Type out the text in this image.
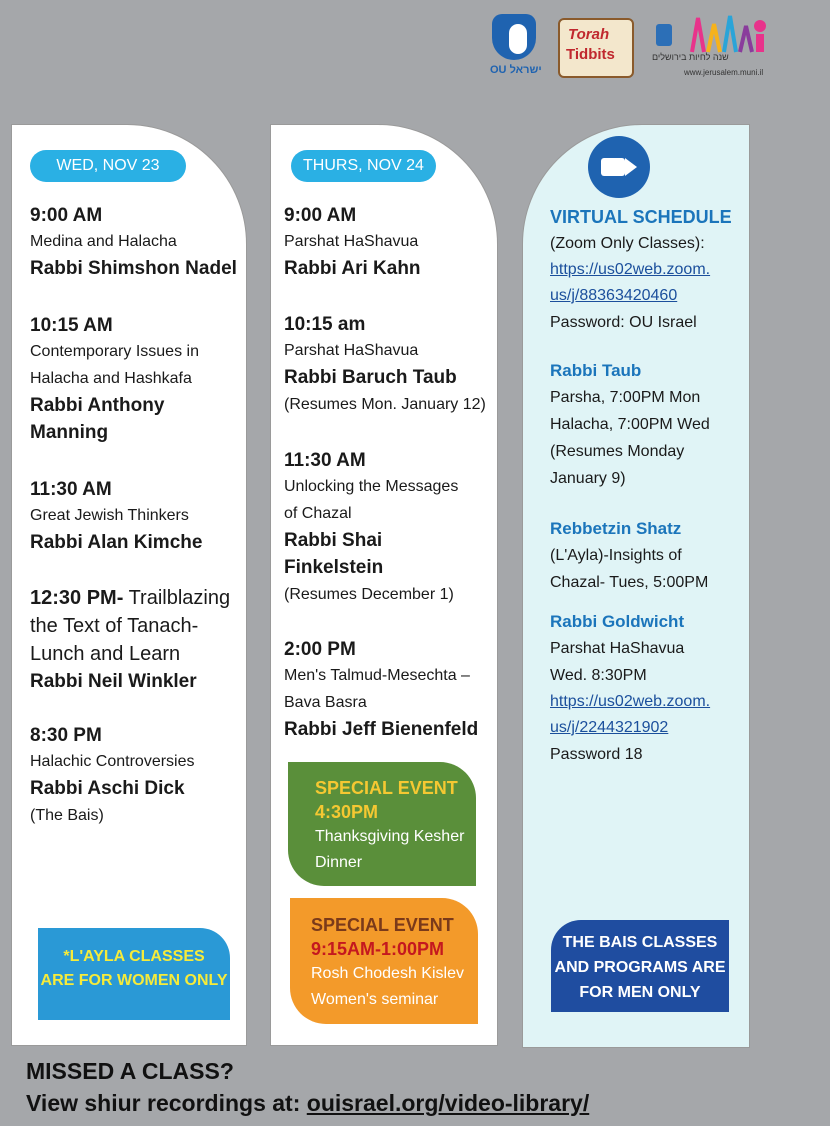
OU ישראל
Torah
Tidbits	שנה לחיות בירושלים
www.jerusalem.muni.il
WED, NOV 23

9:00 AM

Medina and Halacha

Rabbi Shimshon Nadel

10:15 AM

Contemporary Issues in

Halacha and Hashkafa

Rabbi Anthony

Manning

11:30 AM

Great Jewish Thinkers

Rabbi Alan Kimche

12:30 PM- Trailblazing

the Text of Tanach-

Lunch and Learn

Rabbi Neil Winkler

8:30 PM

Halachic Controversies

Rabbi Aschi Dick

(The Bais)

*L'AYLA CLASSES
ARE FOR WOMEN ONLY
THURS, NOV 24

9:00 AM

Parshat HaShavua

Rabbi Ari Kahn

10:15 am

Parshat HaShavua

Rabbi Baruch Taub

(Resumes Mon. January 12)

11:30 AM

Unlocking the Messages

of Chazal

Rabbi Shai

Finkelstein

(Resumes December 1)

2:00 PM

Men's Talmud-Mesechta –

Bava Basra

Rabbi Jeff Bienenfeld

SPECIAL EVENT

4:30PM

Thanksgiving Kesher

Dinner

SPECIAL EVENT

9:15AM-1:00PM

Rosh Chodesh Kislev

Women's seminar

VIRTUAL SCHEDULE

(Zoom Only Classes):

https://us02web.zoom.

us/j/88363420460

Password: OU Israel

Rabbi Taub

Parsha, 7:00PM Mon

Halacha, 7:00PM Wed

(Resumes Monday

January 9)

Rebbetzin Shatz

(L'Ayla)-Insights of

Chazal- Tues, 5:00PM

Rabbi Goldwicht

Parshat HaShavua

Wed. 8:30PM

https://us02web.zoom.

us/j/2244321902

Password 18

THE BAIS CLASSES
AND PROGRAMS ARE
FOR MEN ONLY
MISSED A CLASS?
View shiur recordings at: ouisrael.org/video-library/
